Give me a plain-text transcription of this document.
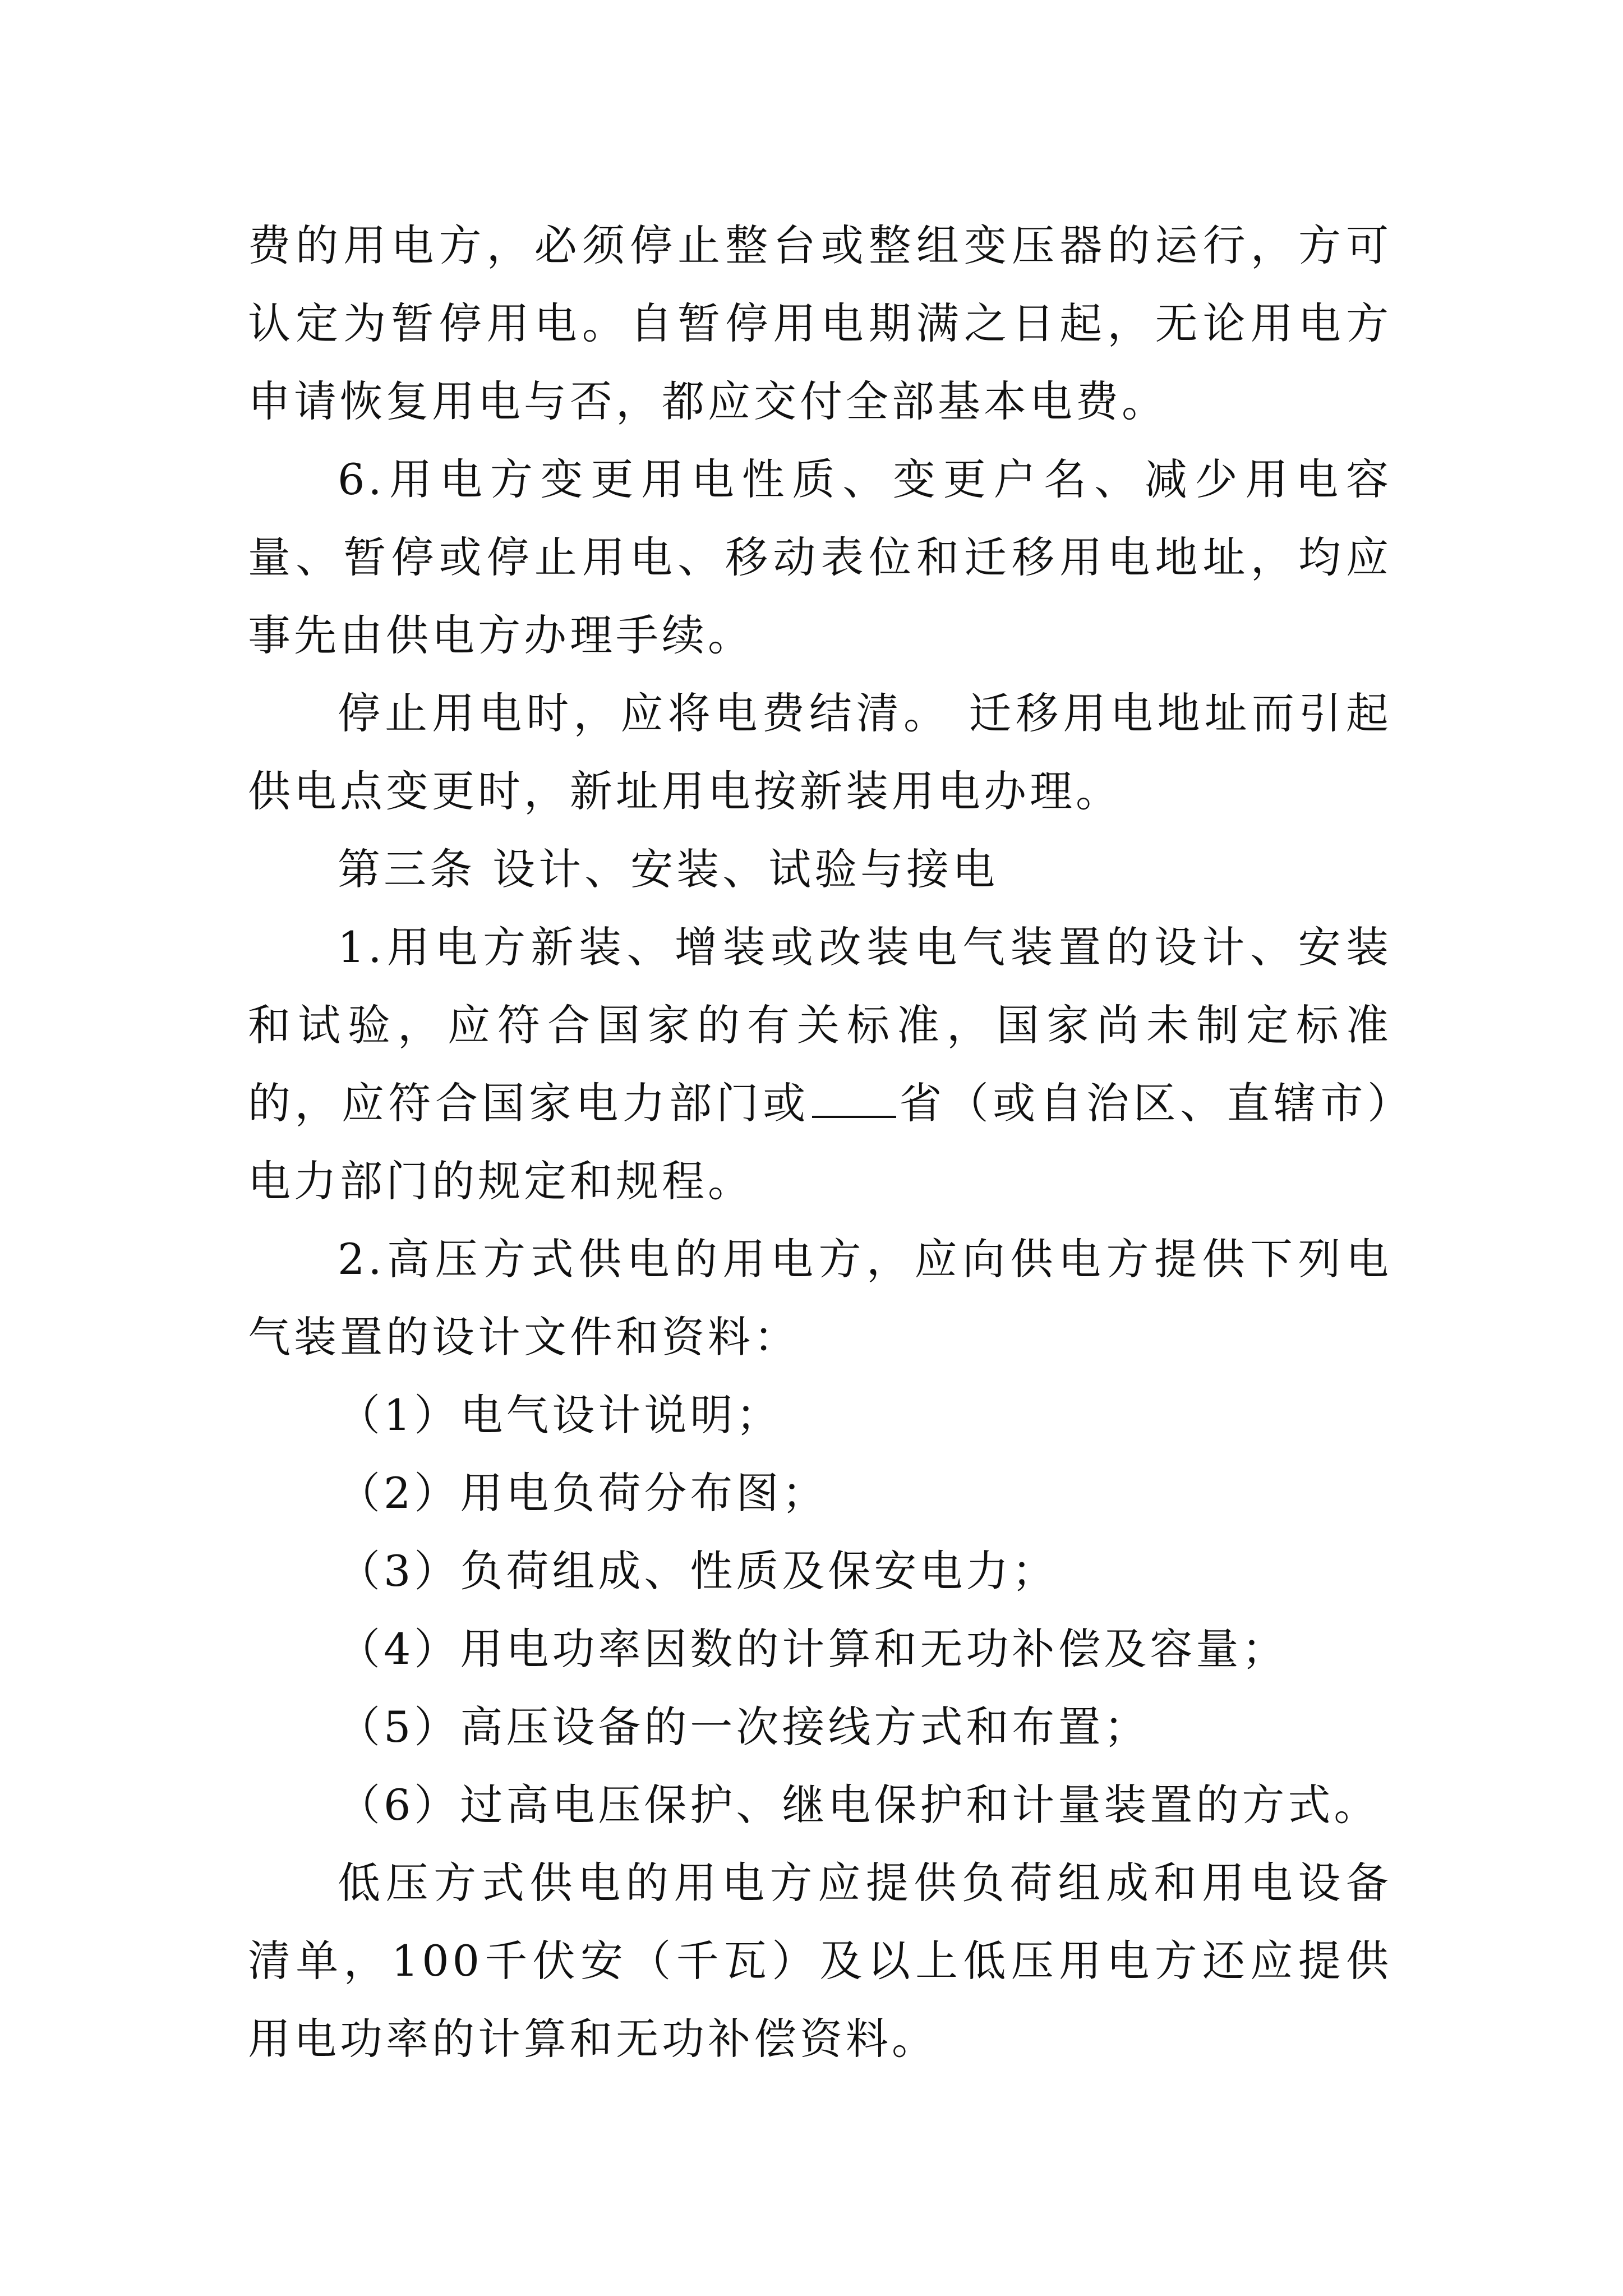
费的用电方，必须停止整台或整组变压器的运行，方可认定为暂停用电。自暂停用电期满之日起，无论用电方申请恢复用电与否，都应交付全部基本电费。

6.用电方变更用电性质、变更户名、减少用电容量、暂停或停止用电、移动表位和迁移用电地址，均应事先由供电方办理手续。

停止用电时，应将电费结清。 迁移用电地址而引起供电点变更时，新址用电按新装用电办理。

第三条 设计、安装、试验与接电

1.用电方新装、增装或改装电气装置的设计、安装和试验，应符合国家的有关标准，国家尚未制定标准的，应符合国家电力部门或 省（或自治区、直辖市）电力部门的规定和规程。

2.高压方式供电的用电方，应向供电方提供下列电气装置的设计文件和资料：

（1）电气设计说明；

（2）用电负荷分布图；

（3）负荷组成、性质及保安电力；

（4）用电功率因数的计算和无功补偿及容量；

（5）高压设备的一次接线方式和布置；

（6）过高电压保护、继电保护和计量装置的方式。

低压方式供电的用电方应提供负荷组成和用电设备清单，100千伏安（千瓦）及以上低压用电方还应提供用电功率的计算和无功补偿资料。
